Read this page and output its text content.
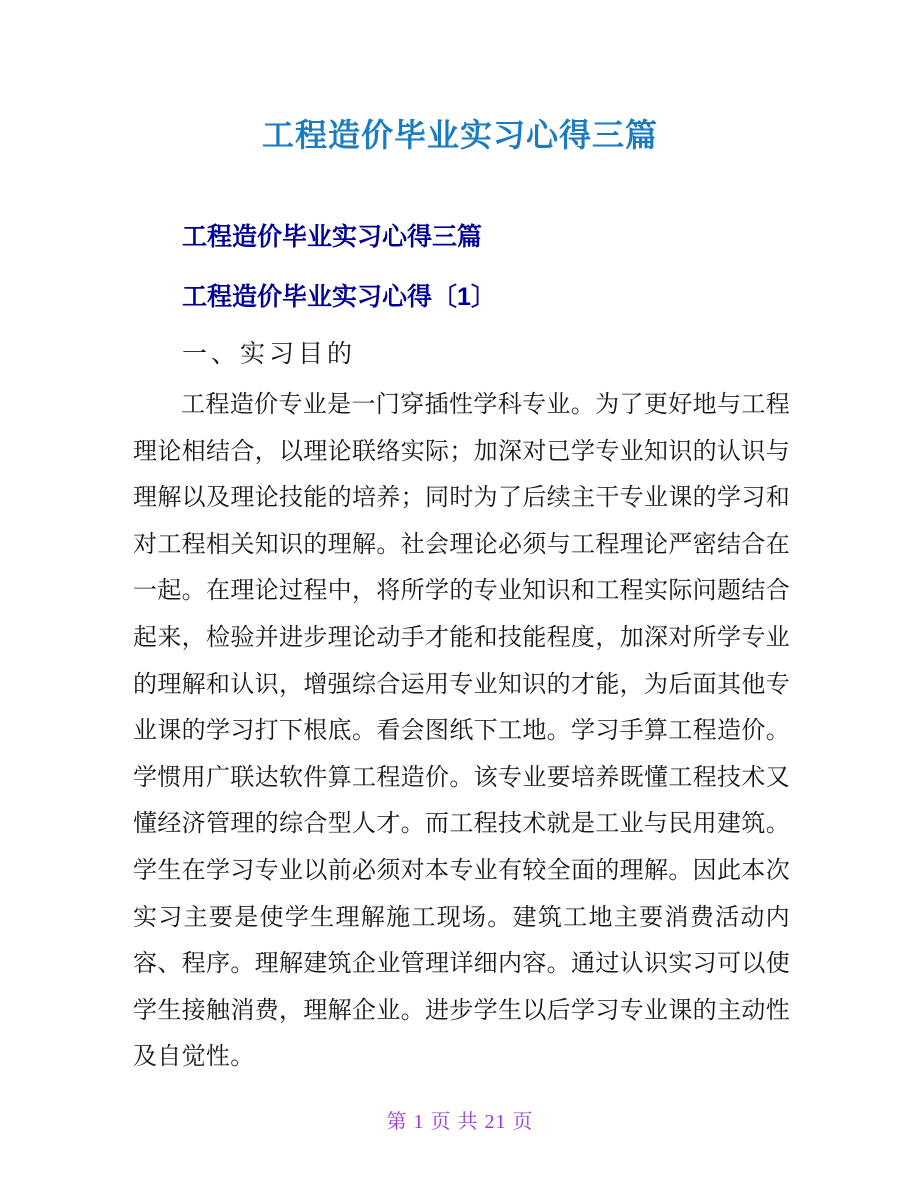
工程造价毕业实习心得三篇
工程造价毕业实习心得三篇
工程造价毕业实习心得〔1〕
一、实习目的
工程造价专业是一门穿插性学科专业。为了更好地与工程理论相结合，以理论联络实际；加深对已学专业知识的认识与理解以及理论技能的培养；同时为了后续主干专业课的学习和对工程相关知识的理解。社会理论必须与工程理论严密结合在一起。在理论过程中，将所学的专业知识和工程实际问题结合起来，检验并进步理论动手才能和技能程度，加深对所学专业的理解和认识，增强综合运用专业知识的才能，为后面其他专业课的学习打下根底。看会图纸下工地。学习手算工程造价。学惯用广联达软件算工程造价。该专业要培养既懂工程技术又懂经济管理的综合型人才。而工程技术就是工业与民用建筑。学生在学习专业以前必须对本专业有较全面的理解。因此本次实习主要是使学生理解施工现场。建筑工地主要消费活动内容、程序。理解建筑企业管理详细内容。通过认识实习可以使学生接触消费，理解企业。进步学生以后学习专业课的主动性及自觉性。
第 1 页 共 21 页
